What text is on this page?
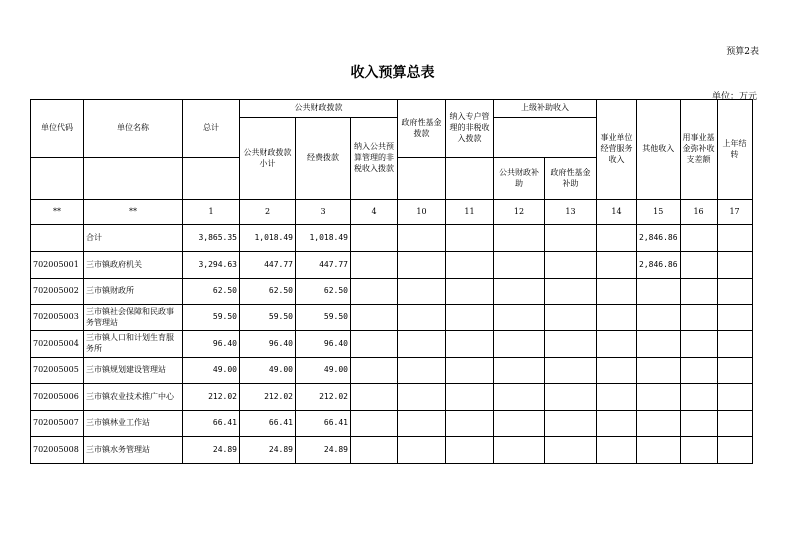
预算2表
收入预算总表
单位：万元
单位代码	单位名称	总计	公共财政拨款			政府性基金拨款	纳入专户管理的非税收入拨款	上级补助收入		事业单位经营服务收入	其他收入	用事业基金弥补收支差额	上年结转
			公共财政拨款小计	经费拨款	纳入公共预算管理的非税收入拨款								
								公共财政补助	政府性基金补助				
**	**	1	2	3	4	10	11	12	13	14	15	16	17
	合计	3,865.35	1,018.49	1,018.49							2,846.86		
702005001	三市镇政府机关	3,294.63	447.77	447.77							2,846.86		
702005002	三市镇财政所	62.50	62.50	62.50									
702005003	三市镇社会保障和民政事务管理站	59.50	59.50	59.50									
702005004	三市镇人口和计划生育服务所	96.40	96.40	96.40									
702005005	三市镇规划建设管理站	49.00	49.00	49.00									
702005006	三市镇农业技术推广中心	212.02	212.02	212.02									
702005007	三市镇林业工作站	66.41	66.41	66.41									
702005008	三市镇水务管理站	24.89	24.89	24.89									
